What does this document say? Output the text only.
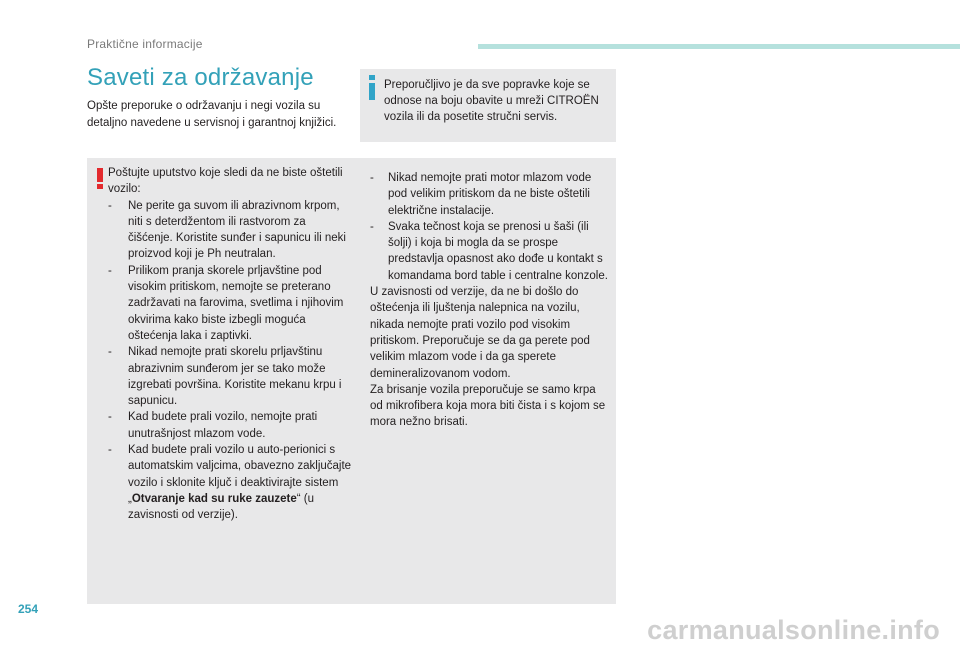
Praktične informacije
Saveti za održavanje
Opšte preporuke o održavanju i negi vozila su detaljno navedene u servisnoj i garantnoj knjižici.
Preporučljivo je da sve popravke koje se odnose na boju obavite u mreži CITROËN vozila ili da posetite stručni servis.
Poštujte uputstvo koje sledi da ne biste oštetili vozilo:
-	Ne perite ga suvom ili abrazivnom krpom, niti s deterdžentom ili rastvorom za čišćenje. Koristite sunđer i sapunicu ili neki proizvod koji je Ph neutralan.
-	Prilikom pranja skorele prljavštine pod visokim pritiskom, nemojte se preterano zadržavati na farovima, svetlima i njihovim okvirima kako biste izbegli moguća oštećenja laka i zaptivki.
-	Nikad nemojte prati skorelu prljavštinu abrazivnim sunđerom jer se tako može izgrebati površina. Koristite mekanu krpu i sapunicu.
-	Kad budete prali vozilo, nemojte prati unutrašnjost mlazom vode.
-	Kad budete prali vozilo u auto-perionici s automatskim valjcima, obavezno zaključajte vozilo i sklonite ključ i deaktivirajte sistem „Otvaranje kad su ruke zauzete“ (u zavisnosti od verzije).
-	Nikad nemojte prati motor mlazom vode pod velikim pritiskom da ne biste oštetili električne instalacije.
-	Svaka tečnost koja se prenosi u šaši (ili šolji) i koja bi mogla da se prospe predstavlja opasnost ako dođe u kontakt s komandama bord table i centralne konzole.
U zavisnosti od verzije, da ne bi došlo do oštećenja ili ljuštenja nalepnica na vozilu, nikada nemojte prati vozilo pod visokim pritiskom. Preporučuje se da ga perete pod velikim mlazom vode i da ga sperete demineralizovanom vodom.
Za brisanje vozila preporučuje se samo krpa od mikrofibera koja mora biti čista i s kojom se mora nežno brisati.
254
carmanualsonline.info
